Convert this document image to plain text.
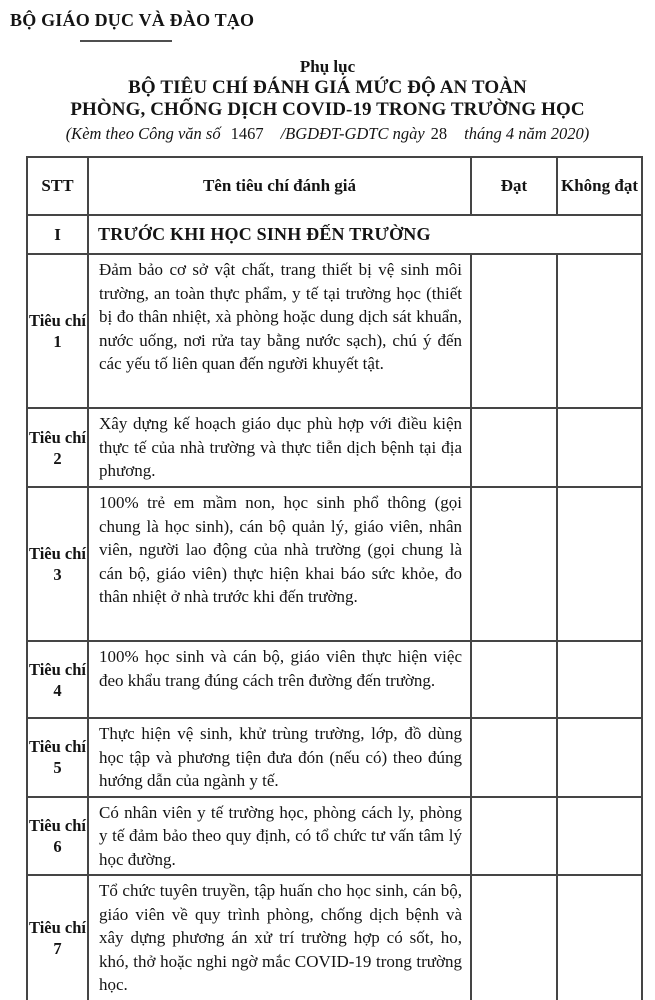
BỘ GIÁO DỤC VÀ ĐÀO TẠO
Phụ lục
BỘ TIÊU CHÍ ĐÁNH GIÁ MỨC ĐỘ AN TOÀN
PHÒNG, CHỐNG DỊCH COVID-19 TRONG TRƯỜNG HỌC
(Kèm theo Công văn số 1467 /BGDĐT-GDTC ngày 28 tháng 4 năm 2020)
STT	Tên tiêu chí đánh giá	Đạt	Không đạt
I	TRƯỚC KHI HỌC SINH ĐẾN TRƯỜNG		
Tiêu chí 1	Đảm bảo cơ sở vật chất, trang thiết bị vệ sinh môi trường, an toàn thực phẩm, y tế tại trường học (thiết bị đo thân nhiệt, xà phòng hoặc dung dịch sát khuẩn, nước uống, nơi rửa tay bằng nước sạch), chú ý đến các yếu tố liên quan đến người khuyết tật.		
Tiêu chí 2	Xây dựng kế hoạch giáo dục phù hợp với điều kiện thực tế của nhà trường và thực tiễn dịch bệnh tại địa phương.		
Tiêu chí 3	100% trẻ em mầm non, học sinh phổ thông (gọi chung là học sinh), cán bộ quản lý, giáo viên, nhân viên, người lao động của nhà trường (gọi chung là cán bộ, giáo viên) thực hiện khai báo sức khỏe, đo thân nhiệt ở nhà trước khi đến trường.		
Tiêu chí 4	100% học sinh và cán bộ, giáo viên thực hiện việc đeo khẩu trang đúng cách trên đường đến trường.		
Tiêu chí 5	Thực hiện vệ sinh, khử trùng trường, lớp, đồ dùng học tập và phương tiện đưa đón (nếu có) theo đúng hướng dẫn của ngành y tế.		
Tiêu chí 6	Có nhân viên y tế trường học, phòng cách ly, phòng y tế đảm bảo theo quy định, có tổ chức tư vấn tâm lý học đường.		
Tiêu chí 7	Tổ chức tuyên truyền, tập huấn cho học sinh, cán bộ, giáo viên về quy trình phòng, chống dịch bệnh và xây dựng phương án xử trí trường hợp có sốt, ho, khó, thở hoặc nghi ngờ mắc COVID-19 trong trường học.		
